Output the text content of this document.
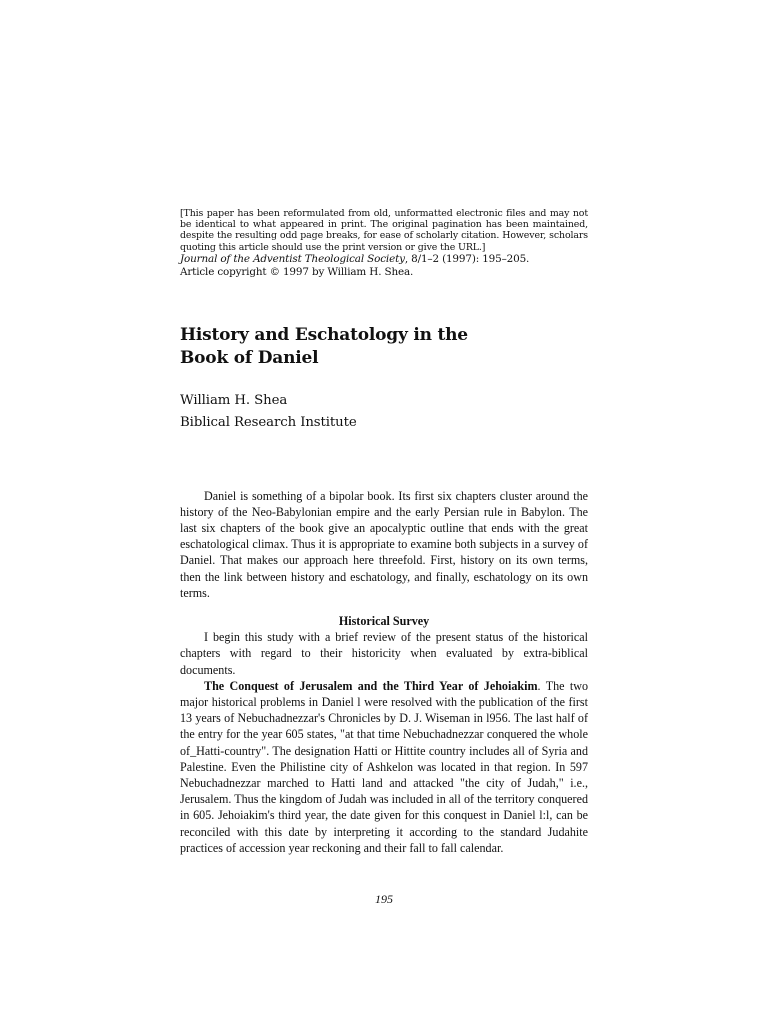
[This paper has been reformulated from old, unformatted electronic files and may not be identical to what appeared in print. The original pagination has been maintained, despite the resulting odd page breaks, for ease of scholarly citation. However, scholars quoting this article should use the print version or give the URL.]

Journal of the Adventist Theological Society, 8/1–2 (1997): 195–205.

Article copyright © 1997 by William H. Shea.

History and Eschatology in the
Book of Daniel
William H. Shea
Biblical Research Institute

Daniel is something of a bipolar book. Its first six chapters cluster around the history of the Neo-Babylonian empire and the early Persian rule in Babylon. The last six chapters of the book give an apocalyptic outline that ends with the great eschatological climax. Thus it is appropriate to examine both subjects in a survey of Daniel. That makes our approach here threefold. First, history on its own terms, then the link between history and eschatology, and finally, eschatology on its own terms.

Historical Survey

I begin this study with a brief review of the present status of the historical chapters with regard to their historicity when evaluated by extra-biblical documents.

The Conquest of Jerusalem and the Third Year of Jehoiakim. The two major historical problems in Daniel l were resolved with the publication of the first 13 years of Nebuchadnezzar's Chronicles by D. J. Wiseman in l956. The last half of the entry for the year 605 states, "at that time Nebuchadnezzar conquered the whole of_Hatti-country". The designation Hatti or Hittite country includes all of Syria and Palestine. Even the Philistine city of Ashkelon was located in that region. In 597 Nebuchadnezzar marched to Hatti land and attacked "the city of Judah," i.e., Jerusalem. Thus the kingdom of Judah was included in all of the territory conquered in 605. Jehoiakim's third year, the date given for this conquest in Daniel l:l, can be reconciled with this date by interpreting it according to the standard Judahite practices of accession year reckoning and their fall to fall calendar.

195
